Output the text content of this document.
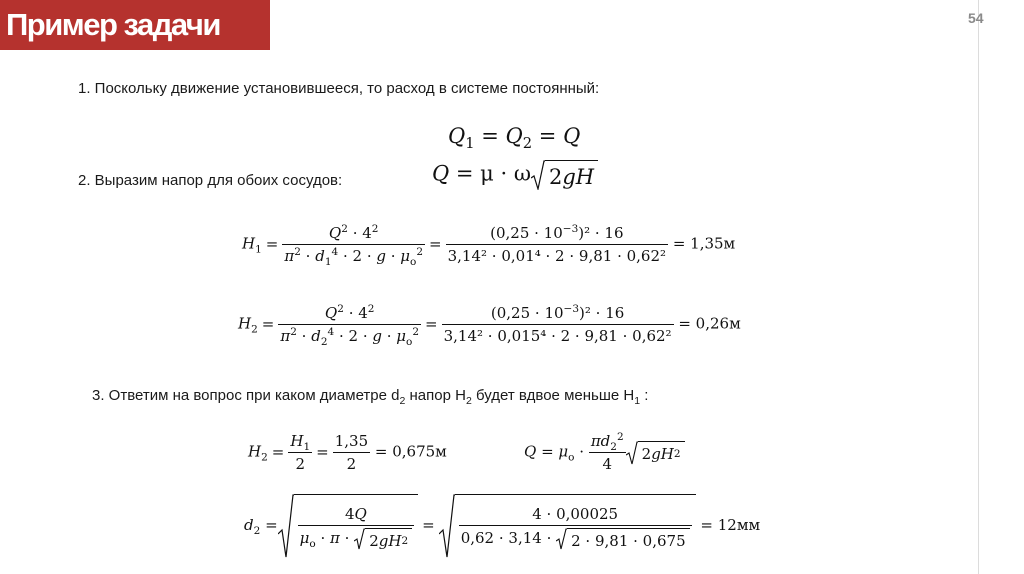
Пример задачи	54
1. Поскольку движение установившееся, то расход в системе постоянный:
$Q_1 = Q_2 = Q$
2. Выразим напор для обоих сосудов:	Q = μ · ω 2 gH
$H_1 = \frac{Q^2 \cdot 4^2}{\pi^2 \cdot d_1^4 \cdot 2 \cdot g \cdot \mu_o^2} = \frac{(0,25 \cdot 10^{-3})^2 \cdot 16}{\text{3,14² · 0,01⁴ · 2 · 9,81 · 0,62²}} = 1,35м$
$H_2 = \frac{Q^2 \cdot 4^2}{\pi^2 \cdot d_2^4 \cdot 2 \cdot g \cdot \mu_o^2} = \frac{(0,25 \cdot 10^{-3})^2 \cdot 16}{\text{3,14² · 0,015⁴ · 2 · 9,81 · 0,62²}} = 0,26м$
3. Ответим на вопрос при каком диаметре $d_2$ напор $H_2$ будет вдвое меньше $H_1$ :
$H_2 = \frac{H_1}{2} = \frac{1,35}{2} = 0,675м$	$Q = \mu_o \cdot \frac{\pi d_2^2}{4} 2$ gH 2
$d_2 = \frac{4Q}{\mu_o \cdot \pi \cdot 2 gH 2} = \frac{4 \cdot 0,00025}{0,62 \cdot 3,14 \cdot 2 \cdot 9,81 \cdot 0,675} = 12мм$
